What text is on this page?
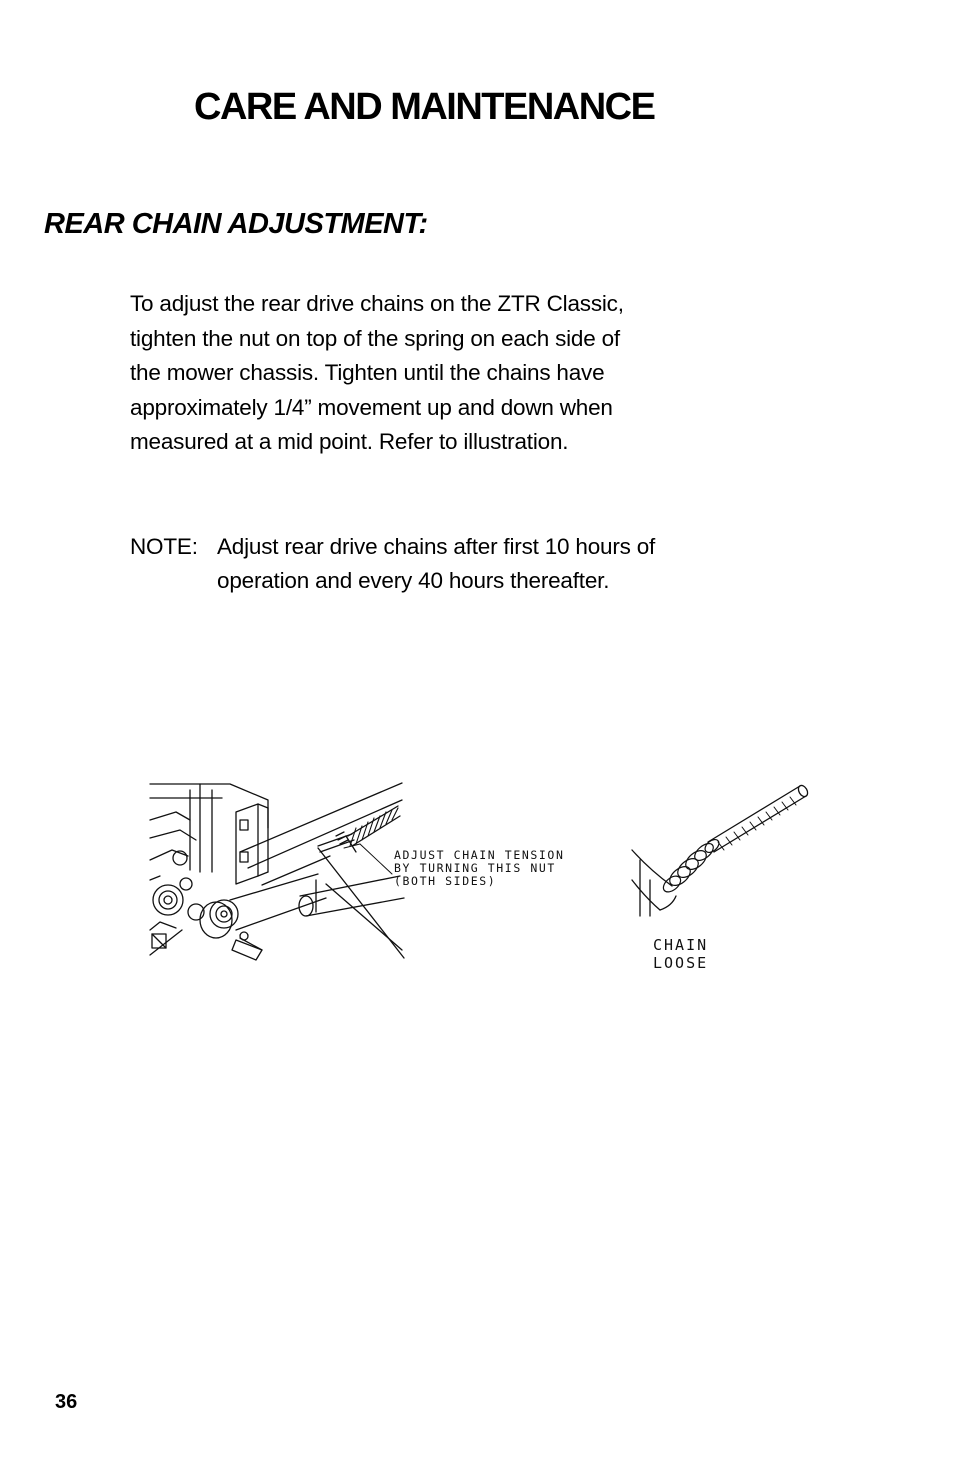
CARE AND MAINTENANCE
REAR CHAIN ADJUSTMENT:

To adjust the rear drive chains on the ZTR Classic,
tighten the nut on top of the spring on each side of
the mower chassis. Tighten until the chains have
approximately 1/4” movement up and down when
measured at a mid point. Refer to illustration.

NOTE: Adjust rear drive chains after first 10 hours of
operation and every 40 hours thereafter.
ADJUST CHAIN TENSION
BY TURNING THIS NUT
(BOTH SIDES)
CHAIN
LOOSE
36
